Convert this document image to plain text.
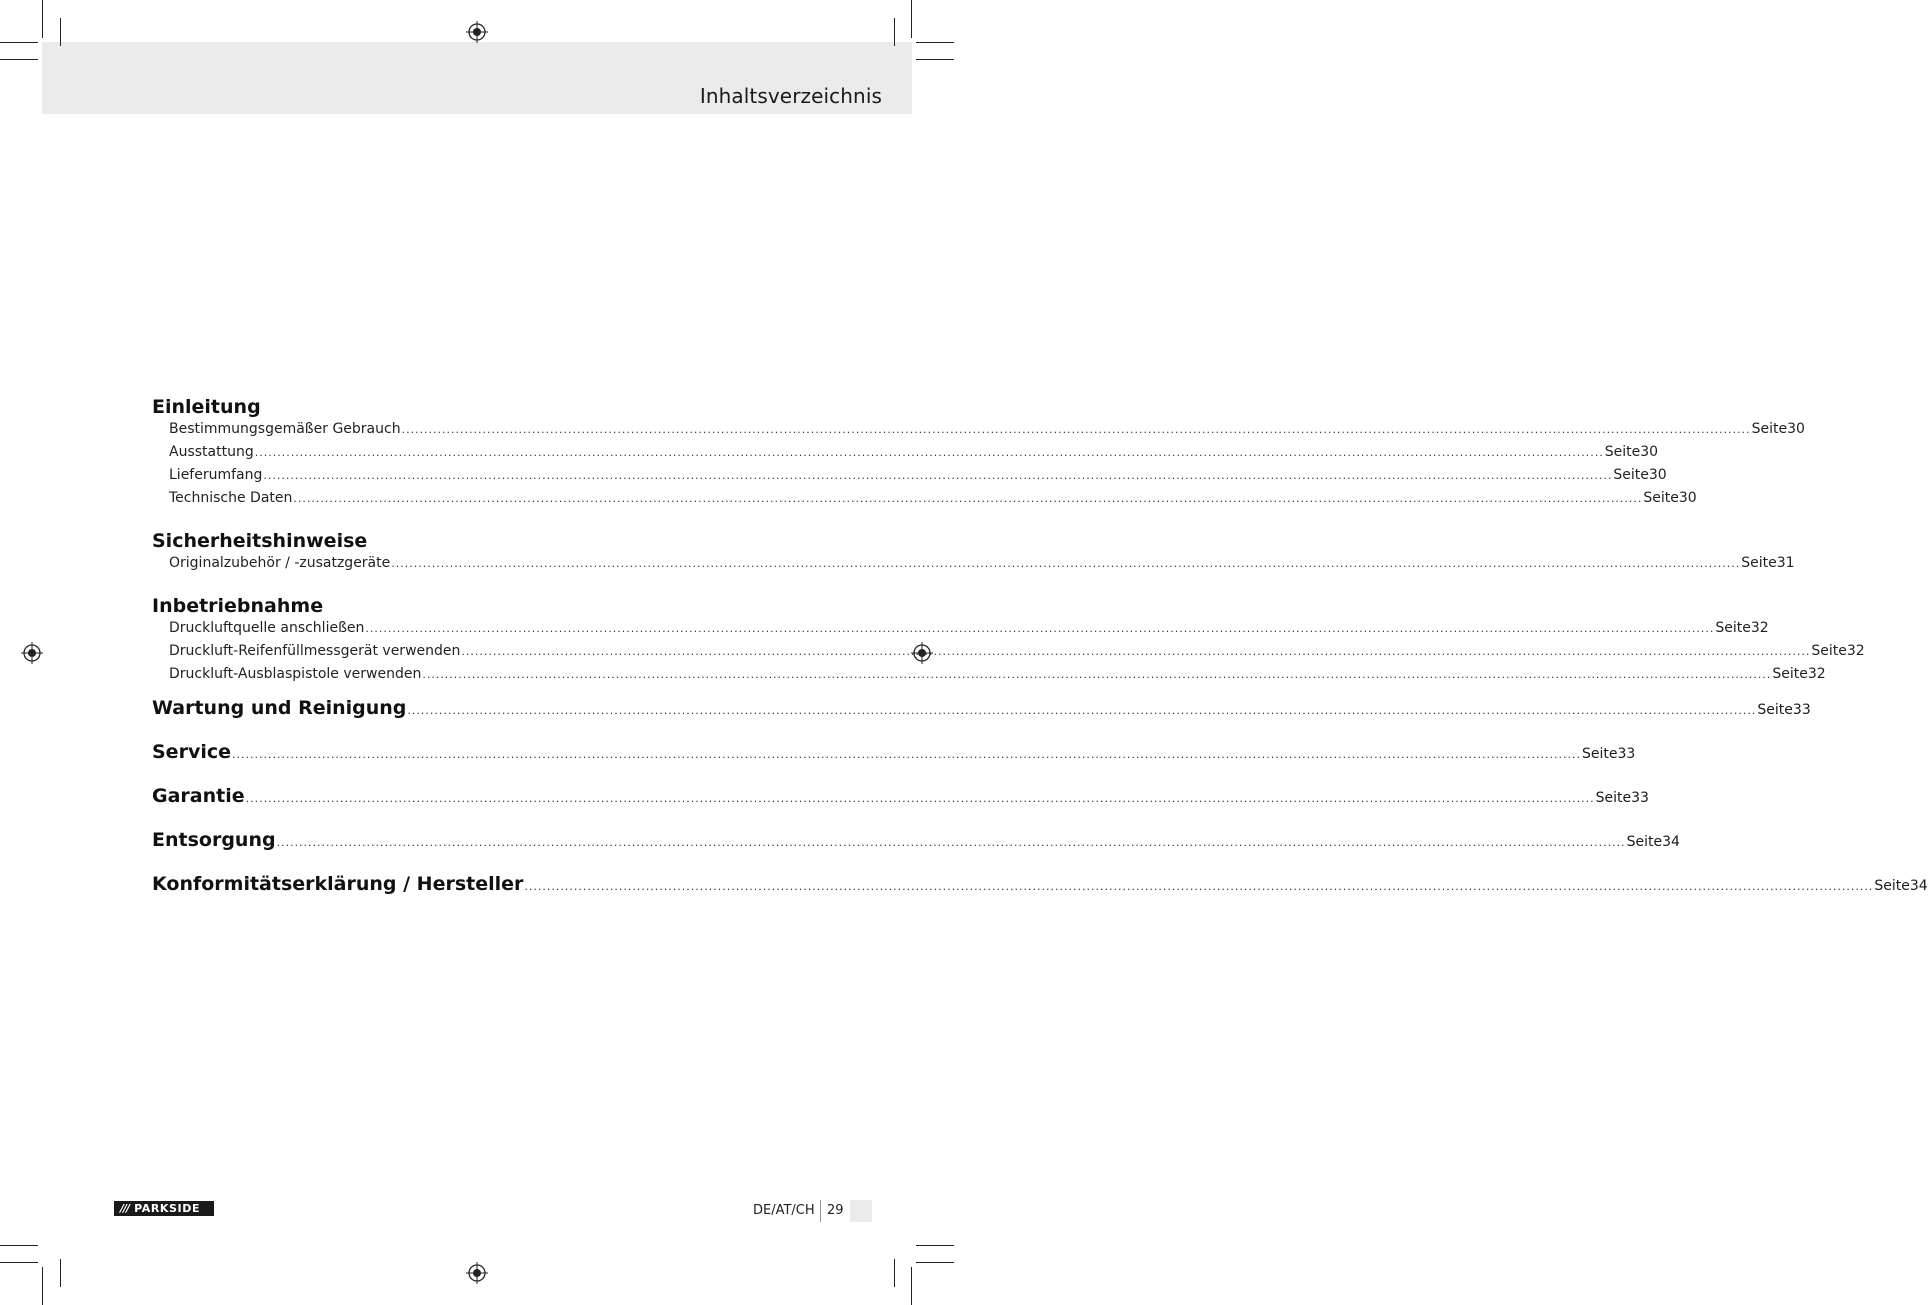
Inhaltsverzeichnis
Einleitung
Bestimmungsgemäßer Gebrauch ............................................................................................................................................................................................................................................................................................................ Seite 30
Ausstattung ............................................................................................................................................................................................................................................................................................................ Seite 30
Lieferumfang ............................................................................................................................................................................................................................................................................................................ Seite 30
Technische Daten ............................................................................................................................................................................................................................................................................................................ Seite 30
Sicherheitshinweise
Originalzubehör / -zusatzgeräte ............................................................................................................................................................................................................................................................................................................ Seite 31
Inbetriebnahme
Druckluftquelle anschließen ............................................................................................................................................................................................................................................................................................................ Seite 32
Druckluft-Reifenfüllmessgerät verwenden ............................................................................................................................................................................................................................................................................................................ Seite 32
Druckluft-Ausblaspistole verwenden ............................................................................................................................................................................................................................................................................................................ Seite 32
Wartung und Reinigung ............................................................................................................................................................................................................................................................................................................ Seite 33
Service ............................................................................................................................................................................................................................................................................................................ Seite 33
Garantie ............................................................................................................................................................................................................................................................................................................ Seite 33
Entsorgung ............................................................................................................................................................................................................................................................................................................ Seite 34
Konformitätserklärung / Hersteller ............................................................................................................................................................................................................................................................................................................ Seite 34
/// PARKSIDE	DE/AT/CH 29
